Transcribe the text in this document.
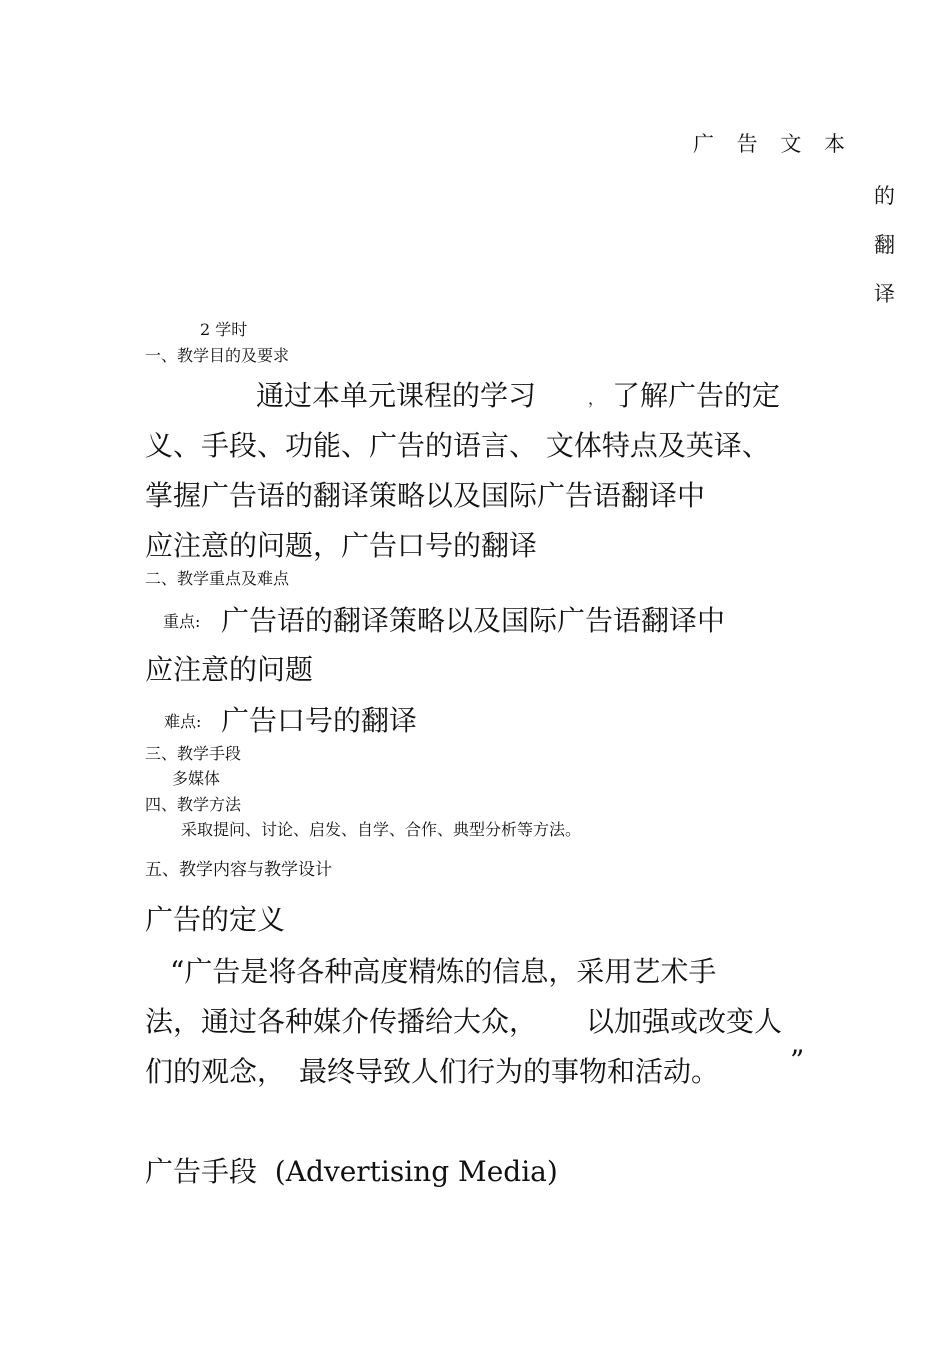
广 告 文 本

的

翻

译

2 学时

一、教学目的及要求

通过本单元课程的学习	， 了解广告的定

义、手段、功能、广告的语言、 文体特点及英译、

掌握广告语的翻译策略以及国际广告语翻译中

应注意的问题，广告口号的翻译

二、教学重点及难点

重点: 广告语的翻译策略以及国际广告语翻译中

应注意的问题

难点: 广告口号的翻译

三、教学手段

多媒体

四、教学方法

采取提问、讨论、启发、自学、合作、典型分析等方法。

五、教学内容与教学设计

广告的定义

“广告是将各种高度精炼的信息，采用艺术手

法，通过各种媒介传播给大众， 以加强或改变人

们的观念， 最终导致人们行为的事物和活动。	”

广告手段  (Advertising Media)
